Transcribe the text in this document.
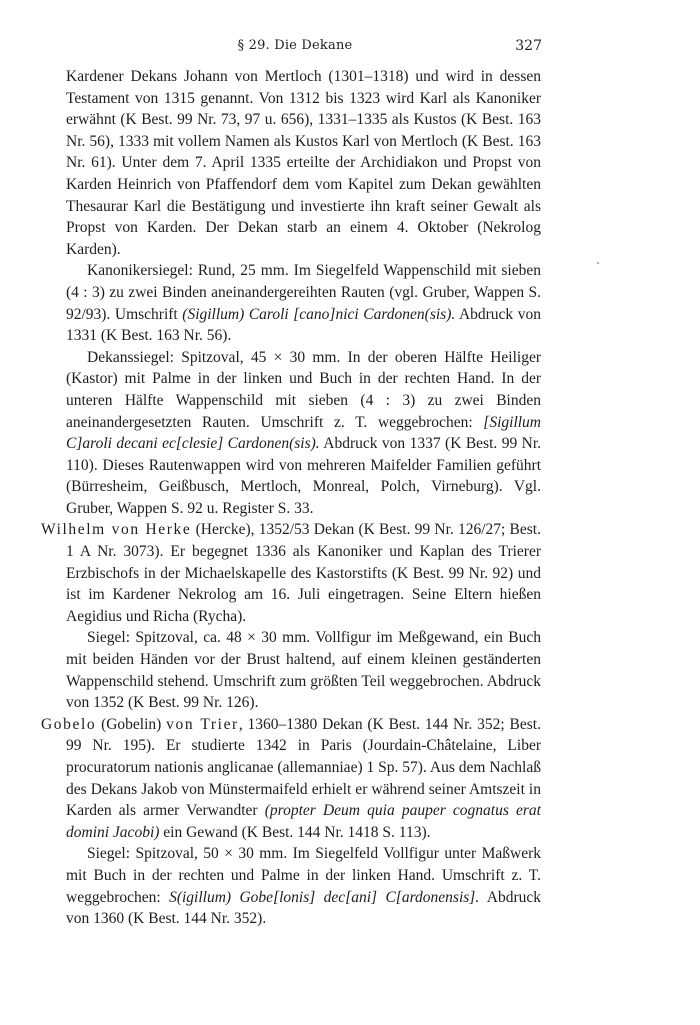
§ 29. Die Dekane	327

Kardener Dekans Johann von Mertloch (1301–1318) und wird in dessen Testament von 1315 genannt. Von 1312 bis 1323 wird Karl als Kanoniker erwähnt (K Best. 99 Nr. 73, 97 u. 656), 1331–1335 als Kustos (K Best. 163 Nr. 56), 1333 mit vollem Namen als Kustos Karl von Mertloch (K Best. 163 Nr. 61). Unter dem 7. April 1335 erteilte der Archidiakon und Propst von Karden Heinrich von Pfaffendorf dem vom Kapitel zum Dekan gewählten Thesaurar Karl die Bestätigung und investierte ihn kraft seiner Gewalt als Propst von Karden. Der Dekan starb an einem 4. Oktober (Nekrolog Karden).

Kanonikersiegel: Rund, 25 mm. Im Siegelfeld Wappenschild mit sieben (4 : 3) zu zwei Binden aneinandergereihten Rauten (vgl. Gruber, Wappen S. 92/93). Umschrift (Sigillum) Caroli [cano]nici Cardonen(sis). Abdruck von 1331 (K Best. 163 Nr. 56).

Dekanssiegel: Spitzoval, 45 × 30 mm. In der oberen Hälfte Heiliger (Kastor) mit Palme in der linken und Buch in der rechten Hand. In der unteren Hälfte Wappenschild mit sieben (4 : 3) zu zwei Binden aneinandergesetzten Rauten. Umschrift z. T. weggebrochen: [Sigillum C]aroli decani ec[clesie] Cardonen(sis). Abdruck von 1337 (K Best. 99 Nr. 110). Dieses Rautenwappen wird von mehreren Maifelder Familien geführt (Bürresheim, Geißbusch, Mertloch, Monreal, Polch, Virneburg). Vgl. Gruber, Wappen S. 92 u. Register S. 33.

Wilhelm von Herke (Hercke), 1352/53 Dekan (K Best. 99 Nr. 126/27; Best. 1 A Nr. 3073). Er begegnet 1336 als Kanoniker und Kaplan des Trierer Erzbischofs in der Michaelskapelle des Kastorstifts (K Best. 99 Nr. 92) und ist im Kardener Nekrolog am 16. Juli eingetragen. Seine Eltern hießen Aegidius und Richa (Rycha).

Siegel: Spitzoval, ca. 48 × 30 mm. Vollfigur im Meßgewand, ein Buch mit beiden Händen vor der Brust haltend, auf einem kleinen geständerten Wappenschild stehend. Umschrift zum größten Teil weggebrochen. Abdruck von 1352 (K Best. 99 Nr. 126).

Gobelo (Gobelin) von Trier, 1360–1380 Dekan (K Best. 144 Nr. 352; Best. 99 Nr. 195). Er studierte 1342 in Paris (Jourdain-Châtelaine, Liber procuratorum nationis anglicanae (allemanniae) 1 Sp. 57). Aus dem Nachlaß des Dekans Jakob von Münstermaifeld erhielt er während seiner Amtszeit in Karden als armer Verwandter (propter Deum quia pauper cognatus erat domini Jacobi) ein Gewand (K Best. 144 Nr. 1418 S. 113).

Siegel: Spitzoval, 50 × 30 mm. Im Siegelfeld Vollfigur unter Maßwerk mit Buch in der rechten und Palme in der linken Hand. Umschrift z. T. weggebrochen: S(igillum) Gobe[lonis] dec[ani] C[ardonensis]. Abdruck von 1360 (K Best. 144 Nr. 352).
